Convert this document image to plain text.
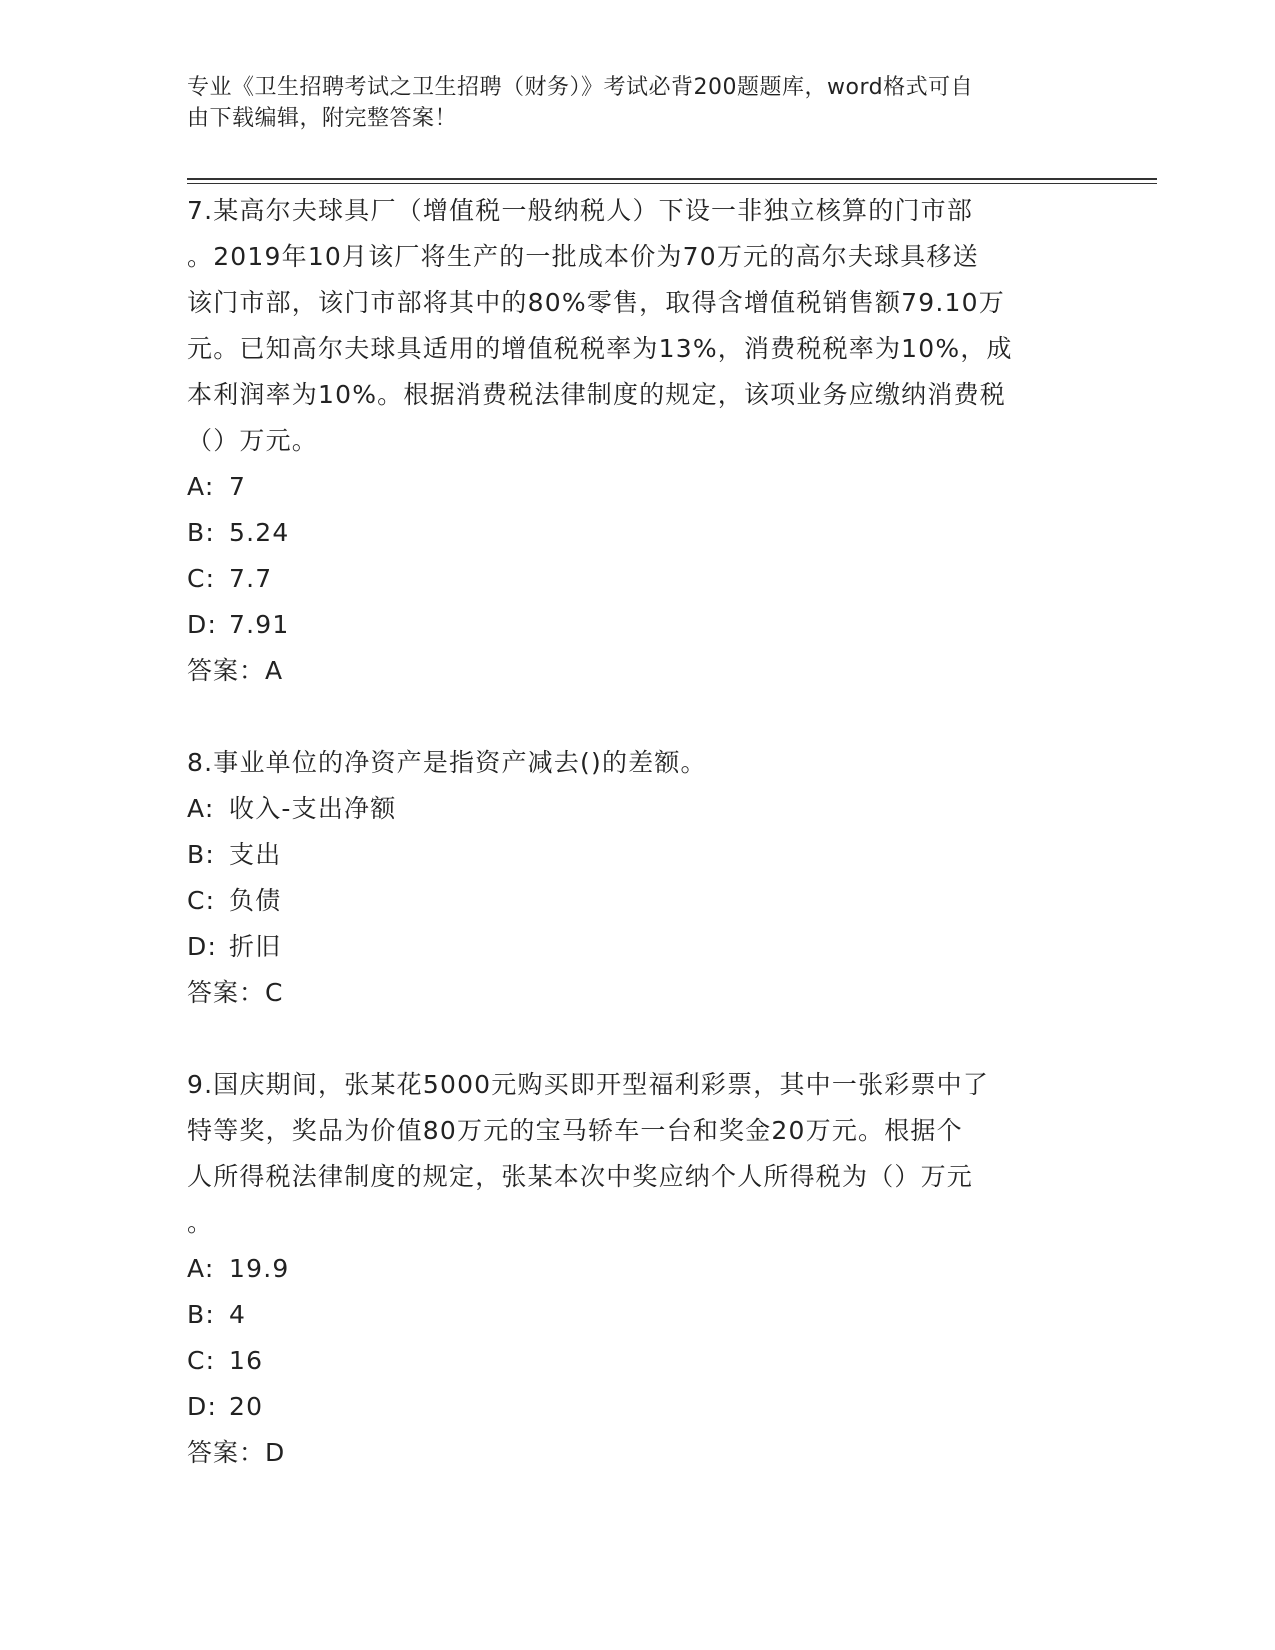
专业《卫生招聘考试之卫生招聘（财务）》考试必背200题题库，word格式可自
由下载编辑，附完整答案！

7.某高尔夫球具厂（增值税一般纳税人）下设一非独立核算的门市部

。2019年10月该厂将生产的一批成本价为70万元的高尔夫球具移送

该门市部，该门市部将其中的80%零售，取得含增值税销售额79.10万

元。已知高尔夫球具适用的增值税税率为13%，消费税税率为10%，成

本利润率为10%。根据消费税法律制度的规定，该项业务应缴纳消费税

（）万元。

A: 7
B: 5.24
C: 7.7
D: 7.91

答案：A

8.事业单位的净资产是指资产减去()的差额。

A: 收入-支出净额
B: 支出
C: 负债
D: 折旧

答案：C

9.国庆期间，张某花5000元购买即开型福利彩票，其中一张彩票中了

特等奖，奖品为价值80万元的宝马轿车一台和奖金20万元。根据个

人所得税法律制度的规定，张某本次中奖应纳个人所得税为（）万元

。

A: 19.9
B: 4
C: 16
D: 20

答案：D
